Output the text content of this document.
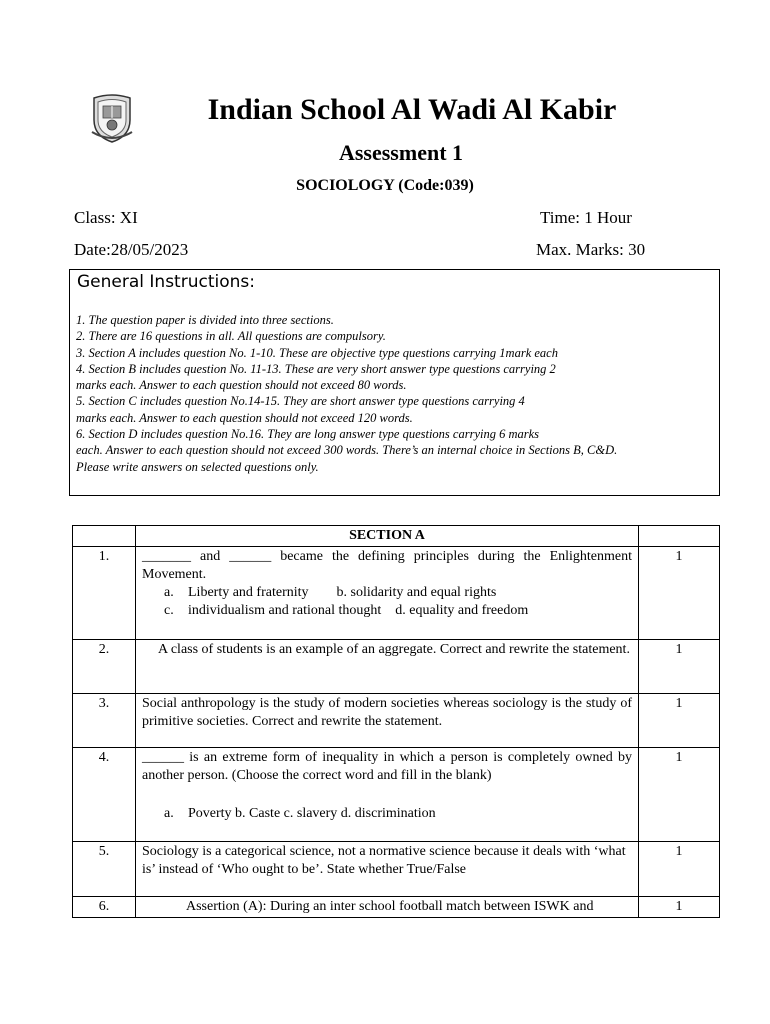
Indian School Al Wadi Al Kabir
Assessment 1
SOCIOLOGY (Code:039)
Class: XI	Time: 1 Hour
Date:28/05/2023	Max. Marks: 30
General Instructions:
1. The question paper is divided into three sections.
2. There are 16 questions in all. All questions are compulsory.
3. Section A includes question No. 1-10. These are objective type questions carrying 1mark each
4. Section B includes question No. 11-13. These are very short answer type questions carrying 2
marks each. Answer to each question should not exceed 80 words.
5. Section C includes question No.14-15. They are short answer type questions carrying 4
marks each. Answer to each question should not exceed 120 words.
6. Section D includes question No.16. They are long answer type questions carrying 6 marks
each. Answer to each question should not exceed 300 words. There’s an internal choice in Sections B, C&D.
Please write answers on selected questions only.
	SECTION A	
1.	_______ and ______ became the defining principles during the Enlightenment Movement.
a. Liberty and fraternity b. solidarity and equal rights
c. individualism and rational thought d. equality and freedom	1
2.	A class of students is an example of an aggregate. Correct and rewrite the statement.	1
3.	Social anthropology is the study of modern societies whereas sociology is the study of primitive societies. Correct and rewrite the statement.	1
4.	______ is an extreme form of inequality in which a person is completely owned by another person. (Choose the correct word and fill in the blank)
a. Poverty b. Caste c. slavery d. discrimination	1
5.	Sociology is a categorical science, not a normative science because it deals with ‘what is’ instead of ‘Who ought to be’. State whether True/False	1
6.	Assertion (A): During an inter school football match between ISWK and	1
